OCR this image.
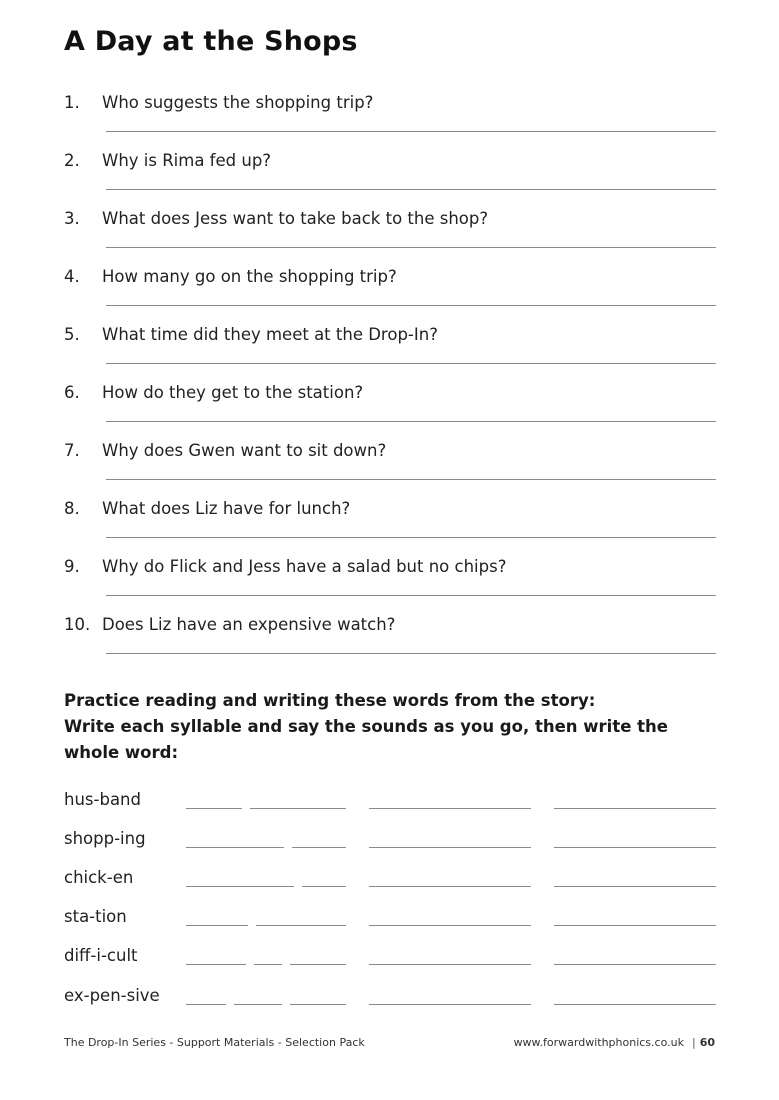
A Day at the Shops
1. Who suggests the shopping trip?
2. Why is Rima fed up?
3. What does Jess want to take back to the shop?
4. How many go on the shopping trip?
5. What time did they meet at the Drop-In?
6. How do they get to the station?
7. Why does Gwen want to sit down?
8. What does Liz have for lunch?
9. Why do Flick and Jess have a salad but no chips?
10. Does Liz have an expensive watch?
Practice reading and writing these words from the story:
Write each syllable and say the sounds as you go, then write the
whole word:
hus-band
shopp-ing
chick-en
sta-tion
diff-i-cult
ex-pen-sive
The Drop-In Series - Support Materials - Selection Pack	www.forwardwithphonics.co.uk | 60
